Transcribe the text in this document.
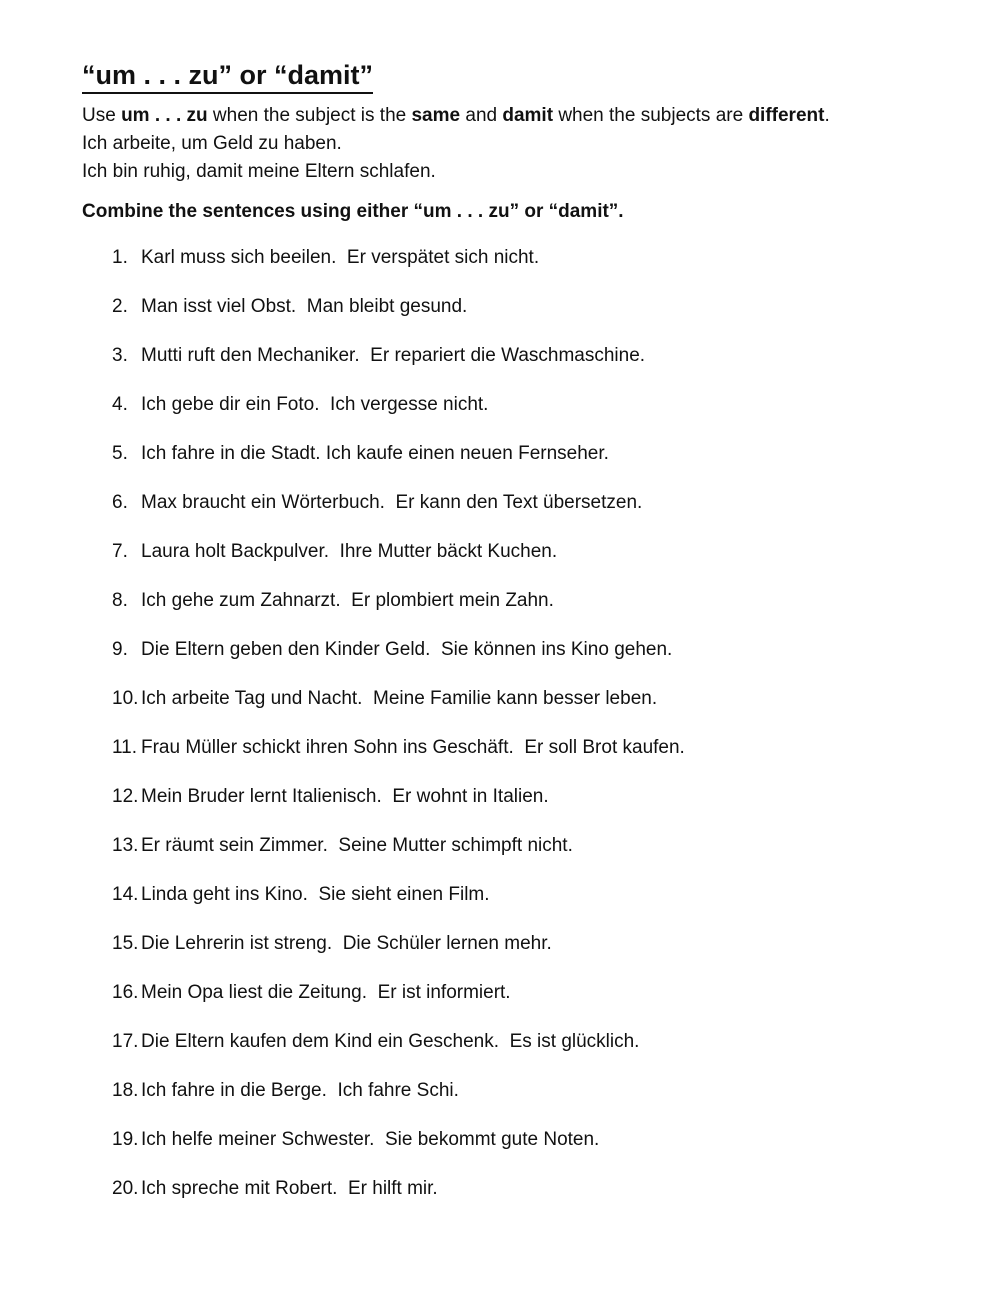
“um . . . zu” or “damit”

Use um . . . zu when the subject is the same and damit when the subjects are different.

Ich arbeite, um Geld zu haben.

Ich bin ruhig, damit meine Eltern schlafen.

Combine the sentences using either “um . . . zu” or “damit”.
1. Karl muss sich beeilen.  Er verspätet sich nicht.
2. Man isst viel Obst.  Man bleibt gesund.
3. Mutti ruft den Mechaniker.  Er repariert die Waschmaschine.
4. Ich gebe dir ein Foto.  Ich vergesse nicht.
5. Ich fahre in die Stadt. Ich kaufe einen neuen Fernseher.
6. Max braucht ein Wörterbuch.  Er kann den Text übersetzen.
7. Laura holt Backpulver.  Ihre Mutter bäckt Kuchen.
8. Ich gehe zum Zahnarzt.  Er plombiert mein Zahn.
9. Die Eltern geben den Kinder Geld.  Sie können ins Kino gehen.
10. Ich arbeite Tag und Nacht.  Meine Familie kann besser leben.
11. Frau Müller schickt ihren Sohn ins Geschäft.  Er soll Brot kaufen.
12. Mein Bruder lernt Italienisch.  Er wohnt in Italien.
13. Er räumt sein Zimmer.  Seine Mutter schimpft nicht.
14. Linda geht ins Kino.  Sie sieht einen Film.
15. Die Lehrerin ist streng.  Die Schüler lernen mehr.
16. Mein Opa liest die Zeitung.  Er ist informiert.
17. Die Eltern kaufen dem Kind ein Geschenk.  Es ist glücklich.
18. Ich fahre in die Berge.  Ich fahre Schi.
19. Ich helfe meiner Schwester.  Sie bekommt gute Noten.
20. Ich spreche mit Robert.  Er hilft mir.
